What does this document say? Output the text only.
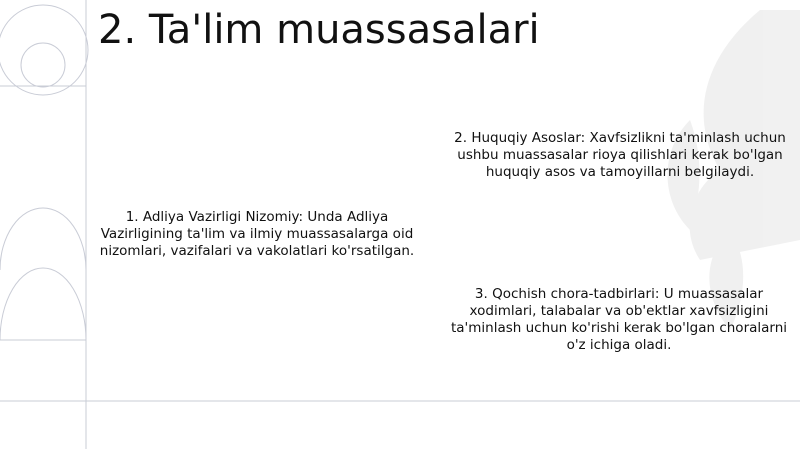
2. Ta'lim muassasalari

1. Adliya Vazirligi Nizomiy: Unda Adliya Vazirligining ta'lim va ilmiy muassasalarga oid nizomlari, vazifalari va vakolatlari ko'rsatilgan.

2. Huquqiy Asoslar: Xavfsizlikni ta'minlash uchun ushbu muassasalar rioya qilishlari kerak bo'lgan huquqiy asos va tamoyillarni belgilaydi.

3. Qochish chora-tadbirlari: U muassasalar xodimlari, talabalar va ob'ektlar xavfsizligini ta'minlash uchun ko'rishi kerak bo'lgan choralarni o'z ichiga oladi.
